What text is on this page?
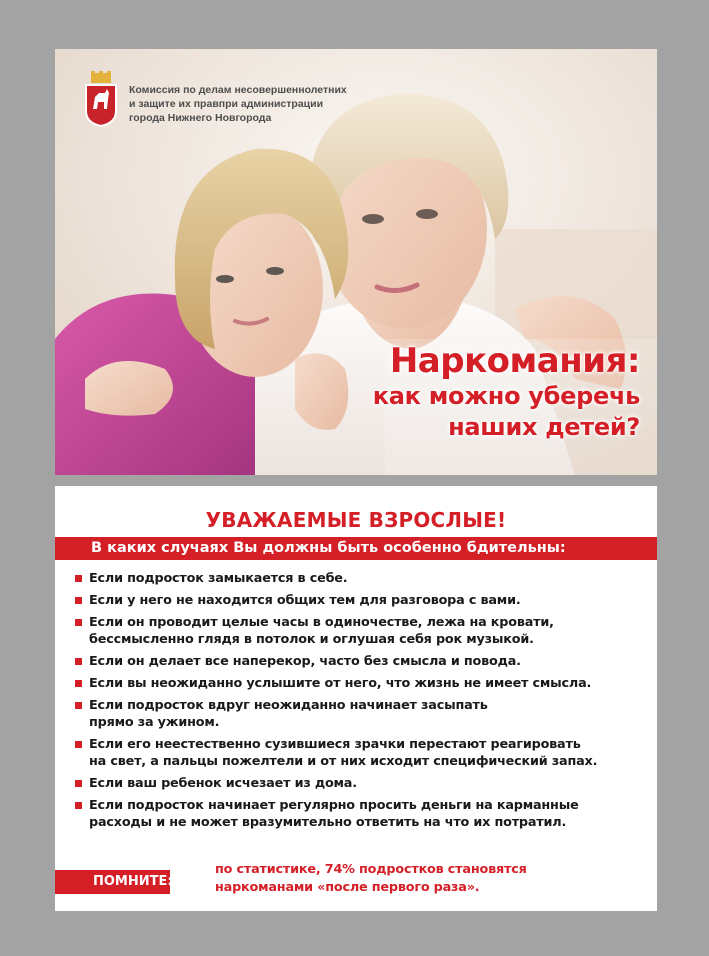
Комиссия по делам несовершеннолетних
и защите их правпри администрации
города Нижнего Новгорода
Наркомания:
как можно уберечь
наших детей?
УВАЖАЕМЫЕ ВЗРОСЛЫЕ!
В каких случаях Вы должны быть особенно бдительны:
Если подросток замыкается в себе.
Если у него не находится общих тем для разговора с вами.
Если он проводит целые часы в одиночестве, лежа на кровати,
бессмысленно глядя в потолок и оглушая себя рок музыкой.
Если он делает все наперекор, часто без смысла и повода.
Если вы неожиданно услышите от него, что жизнь не имеет смысла.
Если подросток вдруг неожиданно начинает засыпать
прямо за ужином.
Если его неестественно сузившиеся зрачки перестают реагировать
на свет, а пальцы пожелтели и от них исходит специфический запах.
Если ваш ребенок исчезает из дома.
Если подросток начинает регулярно просить деньги на карманные
расходы и не может вразумительно ответить на что их потратил.
ПОМНИТЕ:
по статистике, 74% подростков становятся
наркоманами «после первого раза».
